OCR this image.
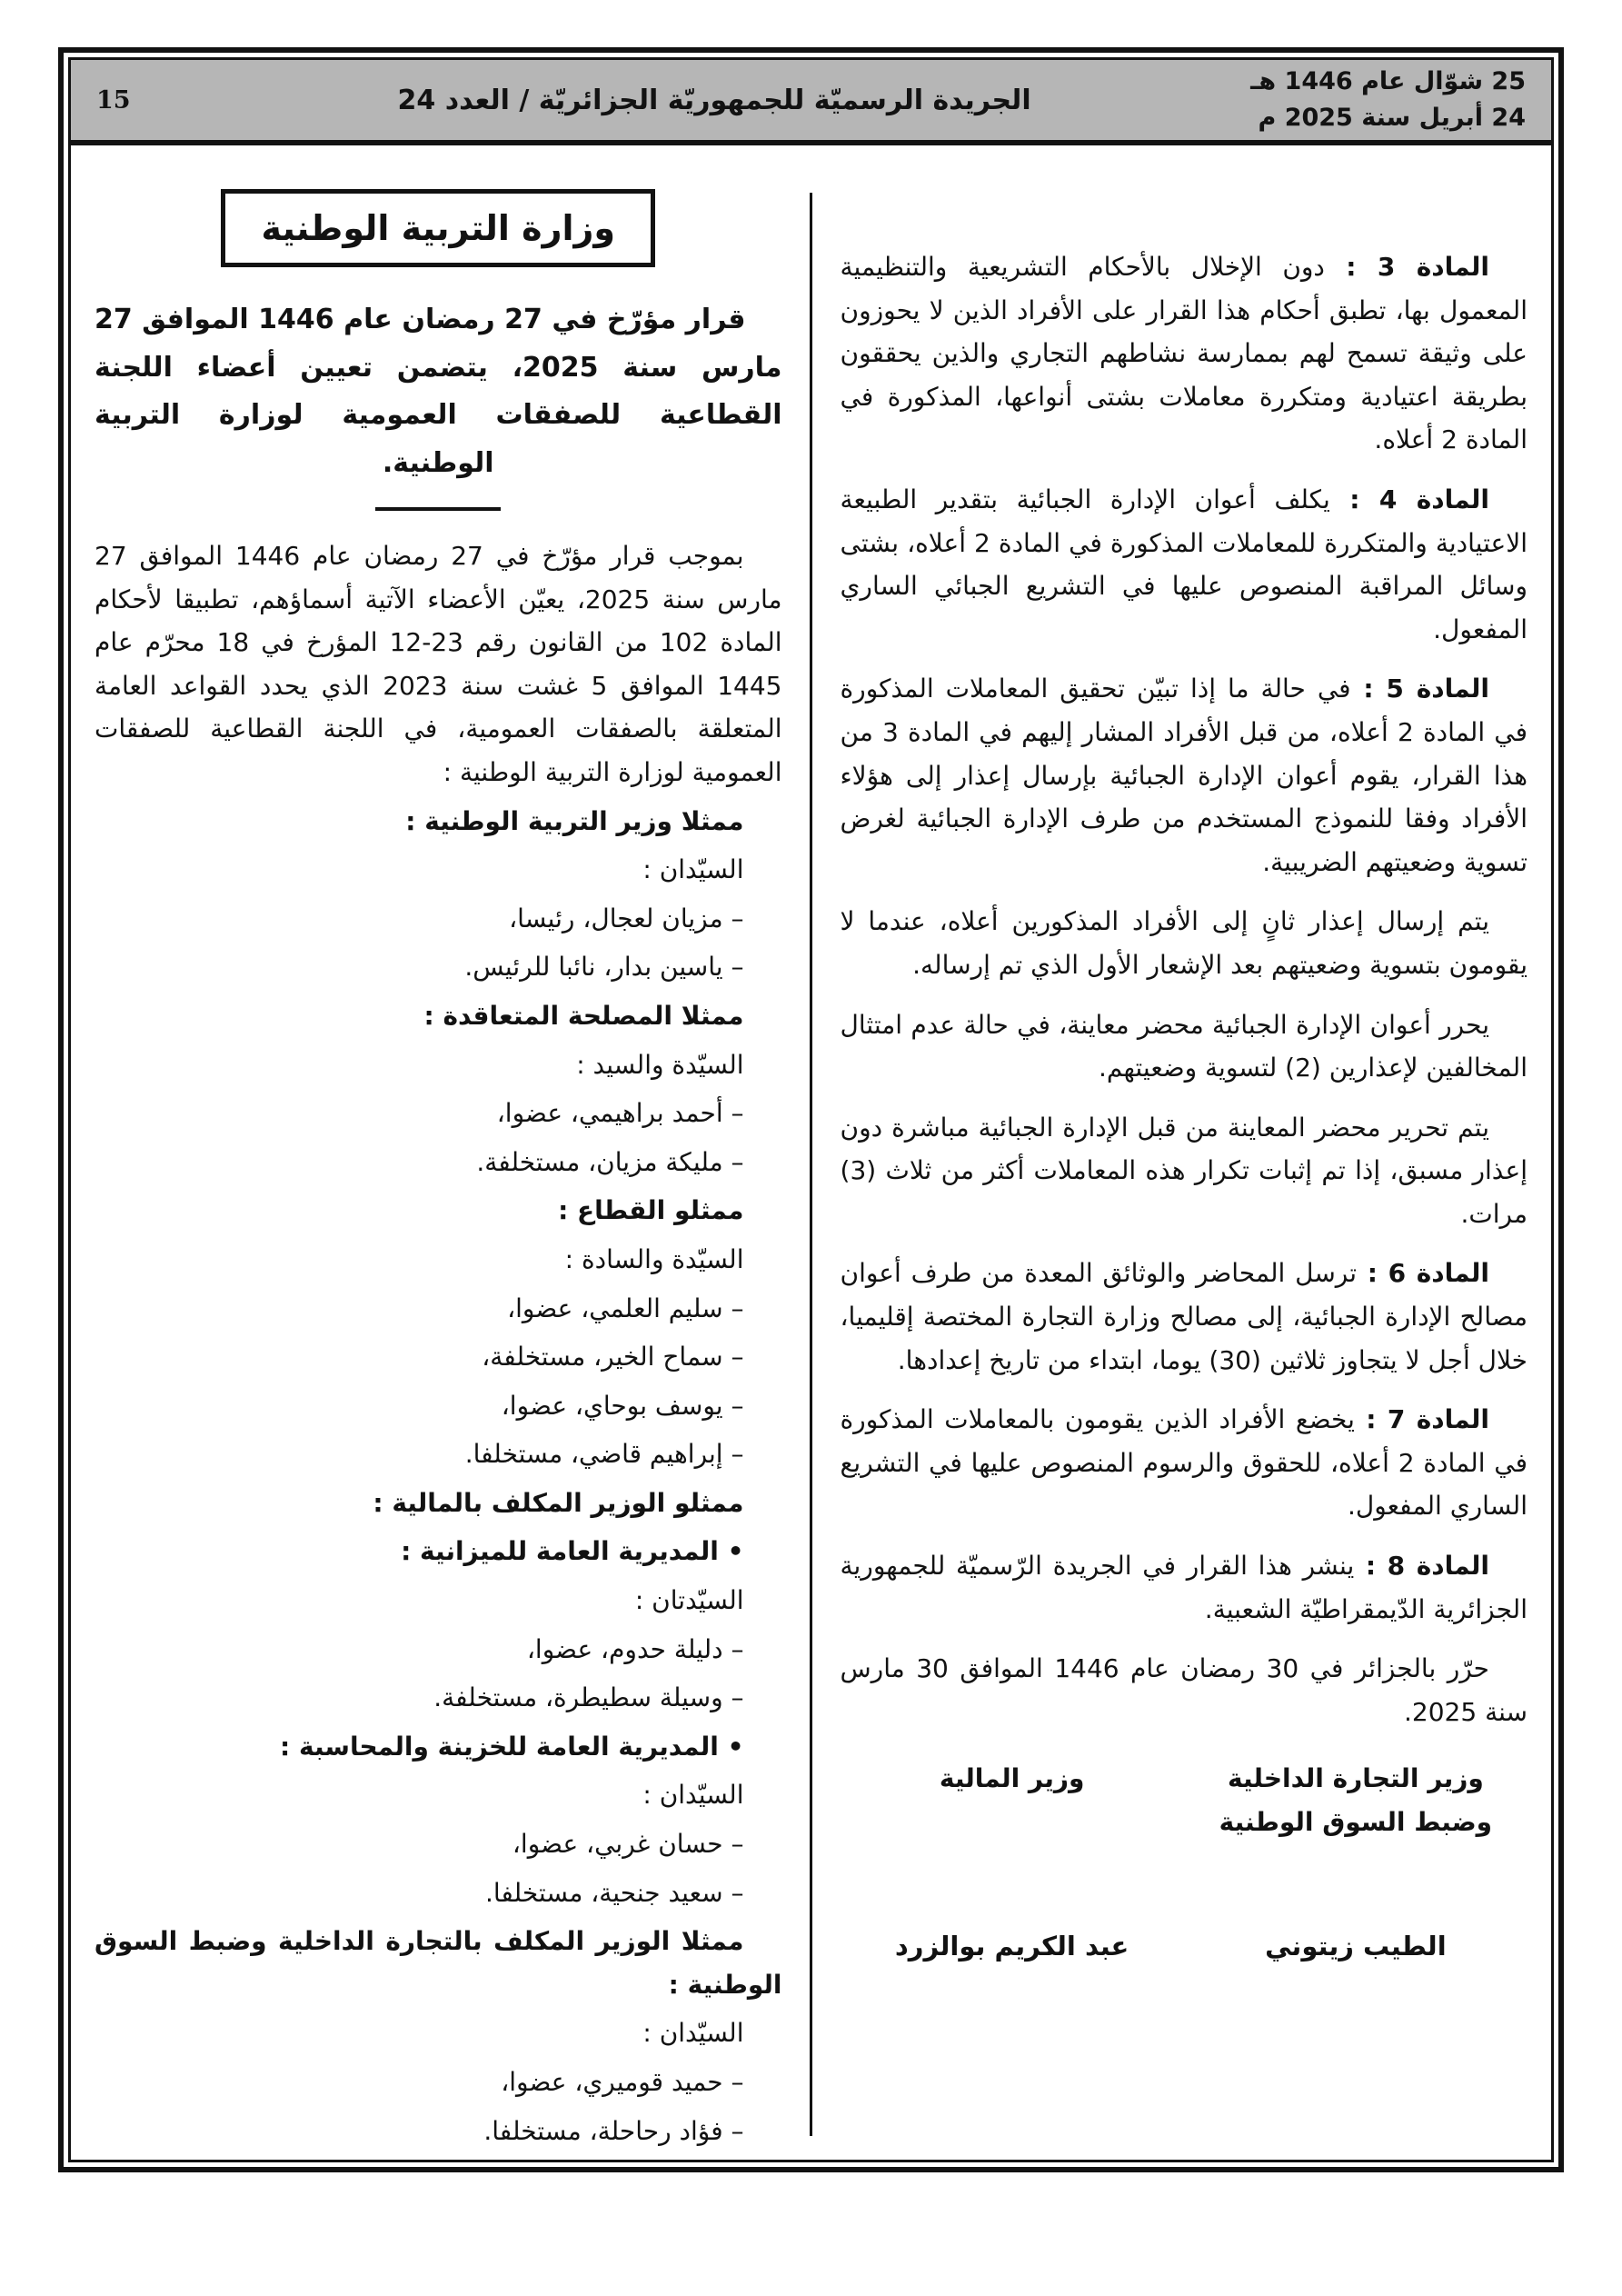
25 شوّال عام 1446 هـ
24 أبريل سنة 2025 م
الجريدة الرسميّة للجمهوريّة الجزائريّة / العدد 24
15
المادة 3 : دون الإخلال بالأحكام التشريعية والتنظيمية المعمول بها، تطبق أحكام هذا القرار على الأفراد الذين لا يحوزون على وثيقة تسمح لهم بممارسة نشاطهم التجاري والذين يحققون بطريقة اعتيادية ومتكررة معاملات بشتى أنواعها، المذكورة في المادة 2 أعلاه.
المادة 4 : يكلف أعوان الإدارة الجبائية بتقدير الطبيعة الاعتيادية والمتكررة للمعاملات المذكورة في المادة 2 أعلاه، بشتى وسائل المراقبة المنصوص عليها في التشريع الجبائي الساري المفعول.
المادة 5 : في حالة ما إذا تبيّن تحقيق المعاملات المذكورة في المادة 2 أعلاه، من قبل الأفراد المشار إليهم في المادة 3 من هذا القرار، يقوم أعوان الإدارة الجبائية بإرسال إعذار إلى هؤلاء الأفراد وفقا للنموذج المستخدم من طرف الإدارة الجبائية لغرض تسوية وضعيتهم الضريبية.
يتم إرسال إعذار ثانٍ إلى الأفراد المذكورين أعلاه، عندما لا يقومون بتسوية وضعيتهم بعد الإشعار الأول الذي تم إرساله.
يحرر أعوان الإدارة الجبائية محضر معاينة، في حالة عدم امتثال المخالفين لإعذارين (2) لتسوية وضعيتهم.
يتم تحرير محضر المعاينة من قبل الإدارة الجبائية مباشرة دون إعذار مسبق، إذا تم إثبات تكرار هذه المعاملات أكثر من ثلاث (3) مرات.
المادة 6 : ترسل المحاضر والوثائق المعدة من طرف أعوان مصالح الإدارة الجبائية، إلى مصالح وزارة التجارة المختصة إقليميا، خلال أجل لا يتجاوز ثلاثين (30) يوما، ابتداء من تاريخ إعدادها.
المادة 7 : يخضع الأفراد الذين يقومون بالمعاملات المذكورة في المادة 2 أعلاه، للحقوق والرسوم المنصوص عليها في التشريع الساري المفعول.
المادة 8 : ينشر هذا القرار في الجريدة الرّسميّة للجمهورية الجزائرية الدّيمقراطيّة الشعبية.
حرّر بالجزائر في 30 رمضان عام 1446 الموافق 30 مارس سنة 2025.
وزير التجارة الداخلية وضبط السوق الوطنية
الطيب زيتوني
وزير المالية
عبد الكريم بوالزرد
وزارة التربية الوطنية
قرار مؤرّخ في 27 رمضان عام 1446 الموافق 27 مارس سنة 2025، يتضمن تعيين أعضاء اللجنة القطاعية للصفقات العمومية لوزارة التربية الوطنية.
بموجب قرار مؤرّخ في 27 رمضان عام 1446 الموافق 27 مارس سنة 2025، يعيّن الأعضاء الآتية أسماؤهم، تطبيقا لأحكام المادة 102 من القانون رقم 23-12 المؤرخ في 18 محرّم عام 1445 الموافق 5 غشت سنة 2023 الذي يحدد القواعد العامة المتعلقة بالصفقات العمومية، في اللجنة القطاعية للصفقات العمومية لوزارة التربية الوطنية :
ممثلا وزير التربية الوطنية :
السيّدان :
– مزيان لعجال، رئيسا،
– ياسين بدار، نائبا للرئيس.
ممثلا المصلحة المتعاقدة :
السيّدة والسيد :
– أحمد براهيمي، عضوا،
– مليكة مزيان، مستخلفة.
ممثلو القطاع :
السيّدة والسادة :
– سليم العلمي، عضوا،
– سماح الخير، مستخلفة،
– يوسف بوحاي، عضوا،
– إبراهيم قاضي، مستخلفا.
ممثلو الوزير المكلف بالمالية :
• المديرية العامة للميزانية :
السيّدتان :
– دليلة حدوم، عضوا،
– وسيلة سطيطرة، مستخلفة.
• المديرية العامة للخزينة والمحاسبة :
السيّدان :
– حسان غربي، عضوا،
– سعيد جنحية، مستخلفا.
ممثلا الوزير المكلف بالتجارة الداخلية وضبط السوق الوطنية :
السيّدان :
– حميد قوميري، عضوا،
– فؤاد رحاحلة، مستخلفا.
